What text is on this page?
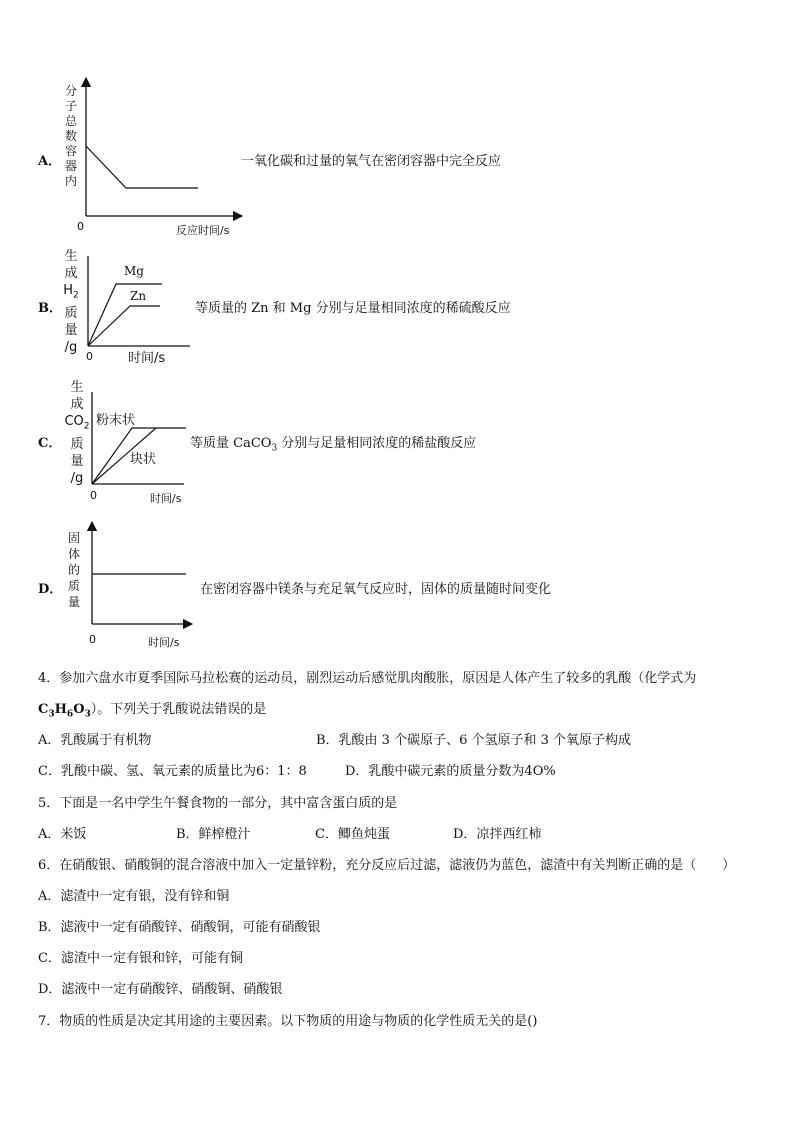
A．
分
子
总
数
容
器
内
0	反应时间/s
一氧化碳和过量的氧气在密闭容器中完全反应
B．
生
成
$H_2$
质
量
/g
Mg
Zn
0	时间/s
等质量的 Zn 和 Mg 分别与足量相同浓度的稀硫酸反应
C．
生
成
$CO_2$
质
量
/g
粉末状
块状
0	时间/s
等质量 CaCO$_3$ 分别与足量相同浓度的稀盐酸反应
D．
固
体
的
质
量
0	时间/s
在密闭容器中镁条与充足氧气反应时，固体的质量随时间变化
4．参加六盘水市夏季国际马拉松赛的运动员，剧烈运动后感觉肌肉酸胀，原因是人体产生了较多的乳酸（化学式为
$C_3H_6O_3$）。下列关于乳酸说法错误的是
A．乳酸属于有机物	B．乳酸由 3 个碳原子、6 个氢原子和 3 个氧原子构成
C．乳酸中碳、氢、氧元素的质量比为6：1：8	D．乳酸中碳元素的质量分数为4O%
5．下面是一名中学生午餐食物的一部分，其中富含蛋白质的是
A．米饭	B．鲜榨橙汁	C．鲫鱼炖蛋	D．凉拌西红柿
6．在硝酸银、硝酸铜的混合溶液中加入一定量锌粉，充分反应后过滤，滤液仍为蓝色，滤渣中有关判断正确的是（　　）
A．滤渣中一定有银，没有锌和铜
B．滤液中一定有硝酸锌、硝酸铜，可能有硝酸银
C．滤渣中一定有银和锌，可能有铜
D．滤液中一定有硝酸锌、硝酸铜、硝酸银
7．物质的性质是决定其用途的主要因素。以下物质的用途与物质的化学性质无关的是()
